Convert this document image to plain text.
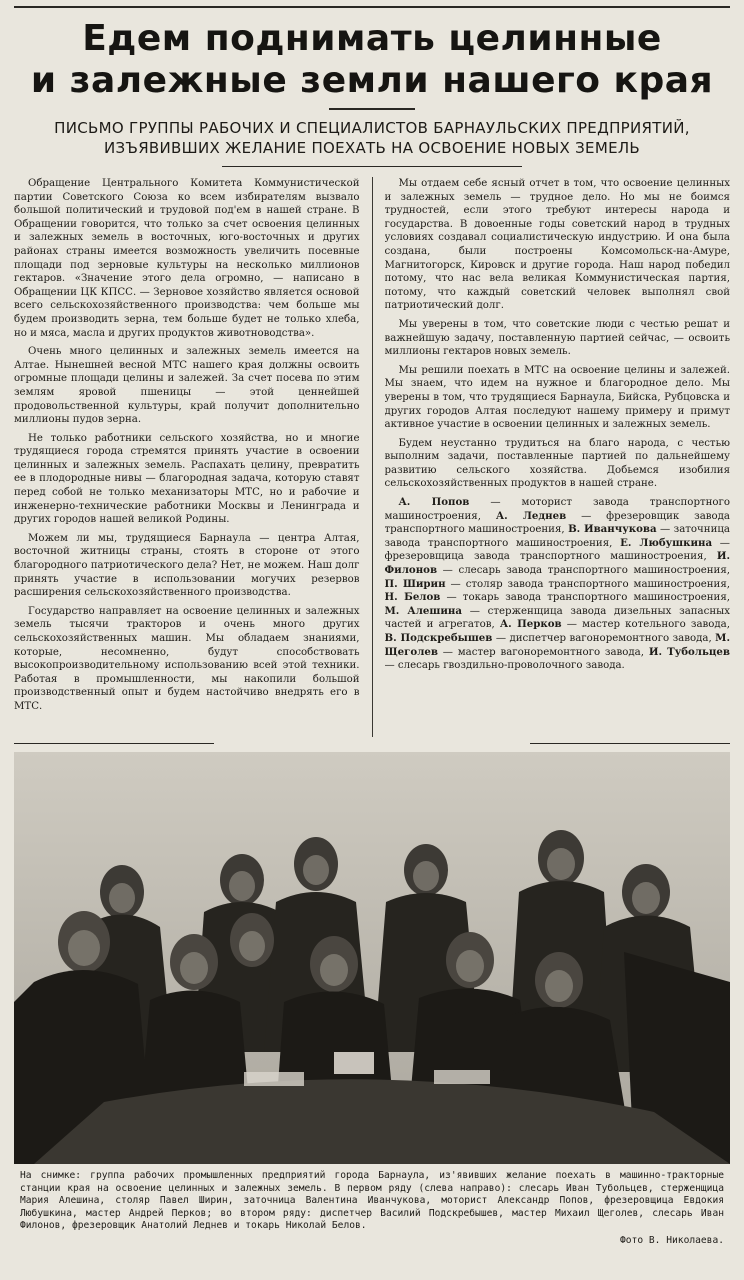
Едем поднимать целинные
и залежные земли нашего края

ПИСЬМО ГРУППЫ РАБОЧИХ И СПЕЦИАЛИСТОВ БАРНАУЛЬСКИХ ПРЕДПРИЯТИЙ, ИЗЪЯВИВШИХ ЖЕЛАНИЕ ПОЕХАТЬ НА ОСВОЕНИЕ НОВЫХ ЗЕМЕЛЬ

Обращение Центрального Комитета Коммунистической партии Советского Союза ко всем избирателям вызвало большой политический и трудовой под'ем в нашей стране. В Обращении говорится, что только за счет освоения целинных и залежных земель в восточных, юго-восточных и других районах страны имеется возможность увеличить посевные площади под зерновые культуры на несколько миллионов гектаров. «Значение этого дела огромно, — написано в Обращении ЦК КПСС. — Зерновое хозяйство является основой всего сельскохозяйственного производства: чем больше мы будем производить зерна, тем больше будет не только хлеба, но и мяса, масла и других продуктов животноводства».

Очень много целинных и залежных земель имеется на Алтае. Нынешней весной МТС нашего края должны освоить огромные площади целины и залежей. За счет посева по этим землям яровой пшеницы — этой ценнейшей продовольственной культуры, край получит дополнительно миллионы пудов зерна.

Не только работники сельского хозяйства, но и многие трудящиеся города стремятся принять участие в освоении целинных и залежных земель. Распахать целину, превратить ее в плодородные нивы — благородная задача, которую ставят перед собой не только механизаторы МТС, но и рабочие и инженерно-технические работники Москвы и Ленинграда и других городов нашей великой Родины.

Можем ли мы, трудящиеся Барнаула — центра Алтая, восточной житницы страны, стоять в стороне от этого благородного патриотического дела? Нет, не можем. Наш долг принять участие в использовании могучих резервов расширения сельскохозяйственного производства.

Государство направляет на освоение целинных и залежных земель тысячи тракторов и очень много других сельскохозяйственных машин. Мы обладаем знаниями, которые, несомненно, будут способствовать высокопроизводительному использованию всей этой техники. Работая в промышленности, мы накопили большой производственный опыт и будем настойчиво внедрять его в МТС.

Мы отдаем себе ясный отчет в том, что освоение целинных и залежных земель — трудное дело. Но мы не боимся трудностей, если этого требуют интересы народа и государства. В довоенные годы советский народ в трудных условиях создавал социалистическую индустрию. И она была создана, были построены Комсомольск-на-Амуре, Магнитогорск, Кировск и другие города. Наш народ победил потому, что нас вела великая Коммунистическая партия, потому, что каждый советский человек выполнял свой патриотический долг.

Мы уверены в том, что советские люди с честью решат и важнейшую задачу, поставленную партией сейчас, — освоить миллионы гектаров новых земель.

Мы решили поехать в МТС на освоение целины и залежей. Мы знаем, что идем на нужное и благородное дело. Мы уверены в том, что трудящиеся Барнаула, Бийска, Рубцовска и других городов Алтая последуют нашему примеру и примут активное участие в освоении целинных и залежных земель.

Будем неустанно трудиться на благо народа, с честью выполним задачи, поставленные партией по дальнейшему развитию сельского хозяйства. Добьемся изобилия сельскохозяйственных продуктов в нашей стране.

А. Попов — моторист завода транспортного машиностроения, А. Леднев — фрезеровщик завода транспортного машиностроения, В. Иванчукова — заточница завода транспортного машиностроения, Е. Любушкина — фрезеровщица завода транспортного машиностроения, И. Филонов — слесарь завода транспортного машиностроения, П. Ширин — столяр завода транспортного машиностроения, Н. Белов — токарь завода транспортного машиностроения, М. Алешина — стерженщица завода дизельных запасных частей и агрегатов, А. Перков — мастер котельного завода, В. Подскребышев — диспетчер вагоноремонтного завода, М. Щеголев — мастер вагоноремонтного завода, И. Тубольцев — слесарь гвоздильно-проволочного завода.

На снимке: группа рабочих промышленных предприятий города Барнаула, из'явивших желание поехать в машинно-тракторные станции края на освоение целинных и залежных земель. В первом ряду (слева направо): слесарь Иван Тубольцев, стерженщица Мария Алешина, столяр Павел Ширин, заточница Валентина Иванчукова, моторист Александр Попов, фрезеровщица Евдокия Любушкина, мастер Андрей Перков; во втором ряду: диспетчер Василий Подскребышев, мастер Михаил Щеголев, слесарь Иван Филонов, фрезеровщик Анатолий Леднев и токарь Николай Белов.

Фото В. Николаева.
